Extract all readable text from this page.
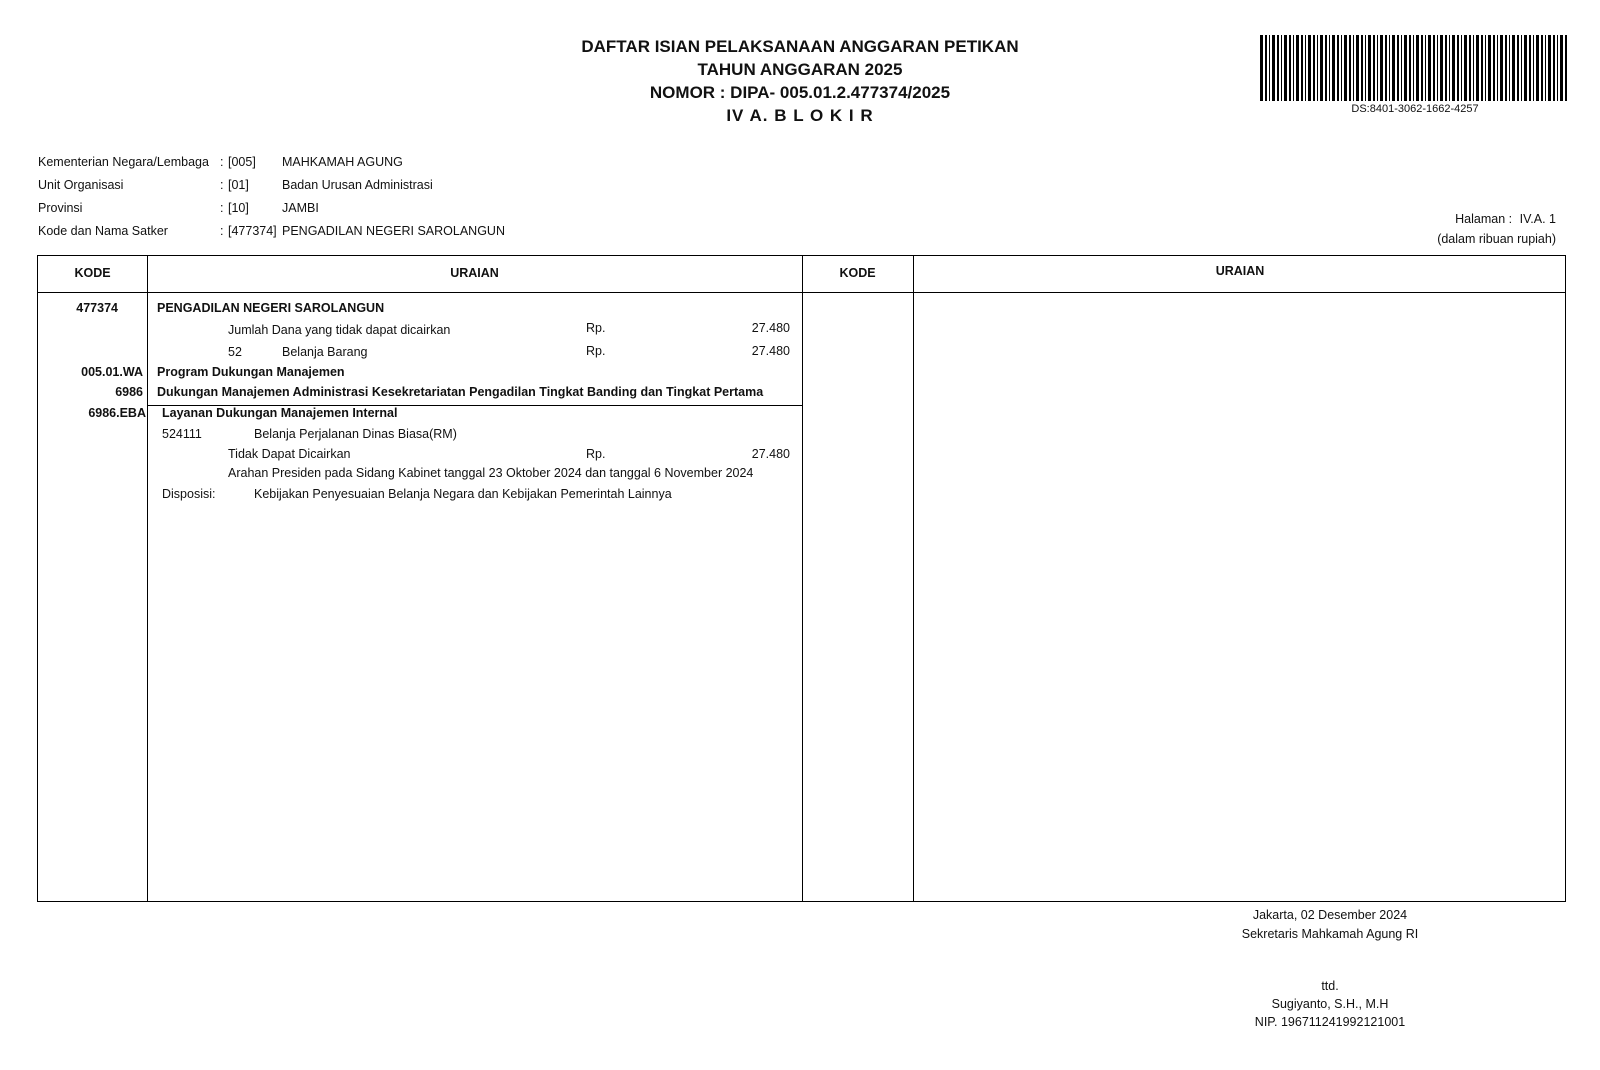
DAFTAR ISIAN PELAKSANAAN ANGGARAN PETIKAN
TAHUN ANGGARAN 2025
NOMOR : DIPA- 005.01.2.477374/2025
IV A. B L O K I R	DS:8401-3062-1662-4257
Kementerian Negara/Lembaga : [005] MAHKAMAH AGUNG
Unit Organisasi	: [01]	Badan Urusan Administrasi
Provinsi	: [10]	JAMBI
Kode dan Nama Satker	: [477374] PENGADILAN NEGERI SAROLANGUN
Halaman : IV.A. 1
(dalam ribuan rupiah)
KODE	URAIAN	KODE	URAIAN
477374	PENGADILAN NEGERI SAROLANGUN
Jumlah Dana yang tidak dapat dicairkan	Rp.	27.480
52	Belanja Barang	Rp.	27.480
005.01.WA Program Dukungan Manajemen
6986 Dukungan Manajemen Administrasi Kesekretariatan Pengadilan Tingkat Banding dan Tingkat Pertama
6986.EBA Layanan Dukungan Manajemen Internal
524111	Belanja Perjalanan Dinas Biasa(RM)
Tidak Dapat Dicairkan	Rp.	27.480
Arahan Presiden pada Sidang Kabinet tanggal 23 Oktober 2024 dan tanggal 6 November 2024
Disposisi:	Kebijakan Penyesuaian Belanja Negara dan Kebijakan Pemerintah Lainnya
Jakarta, 02 Desember 2024
Sekretaris Mahkamah Agung RI
ttd.
Sugiyanto, S.H., M.H
NIP. 196711241992121001
